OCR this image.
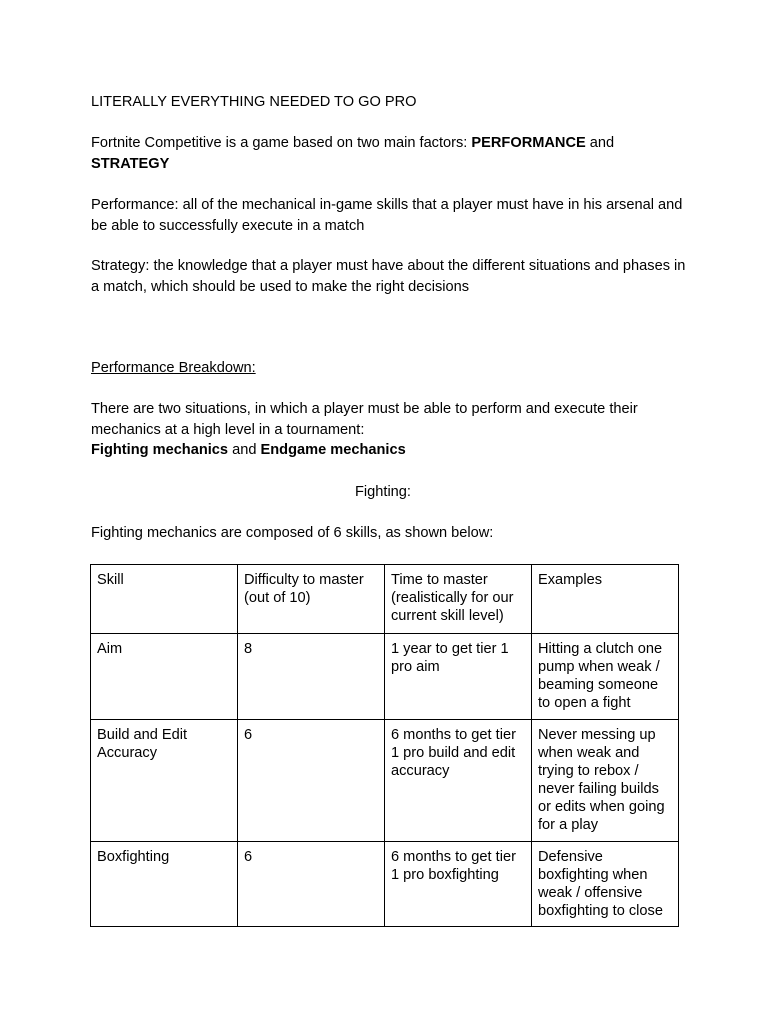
LITERALLY EVERYTHING NEEDED TO GO PRO

Fortnite Competitive is a game based on two main factors: PERFORMANCE and
STRATEGY

Performance: all of the mechanical in-game skills that a player must have in his arsenal and be able to successfully execute in a match

Strategy: the knowledge that a player must have about the different situations and phases in a match, which should be used to make the right decisions

Performance Breakdown:

There are two situations, in which a player must be able to perform and execute their mechanics at a high level in a tournament:
Fighting mechanics and Endgame mechanics

Fighting:

Fighting mechanics are composed of 6 skills, as shown below:

Skill	Difficulty to master (out of 10)	Time to master (realistically for our current skill level)	Examples
Aim	8	1 year to get tier 1 pro aim	Hitting a clutch one pump when weak / beaming someone to open a fight
Build and Edit Accuracy	6	6 months to get tier 1 pro build and edit accuracy	Never messing up when weak and trying to rebox / never failing builds or edits when going for a play
Boxfighting	6	6 months to get tier 1 pro boxfighting	Defensive boxfighting when weak / offensive boxfighting to close
